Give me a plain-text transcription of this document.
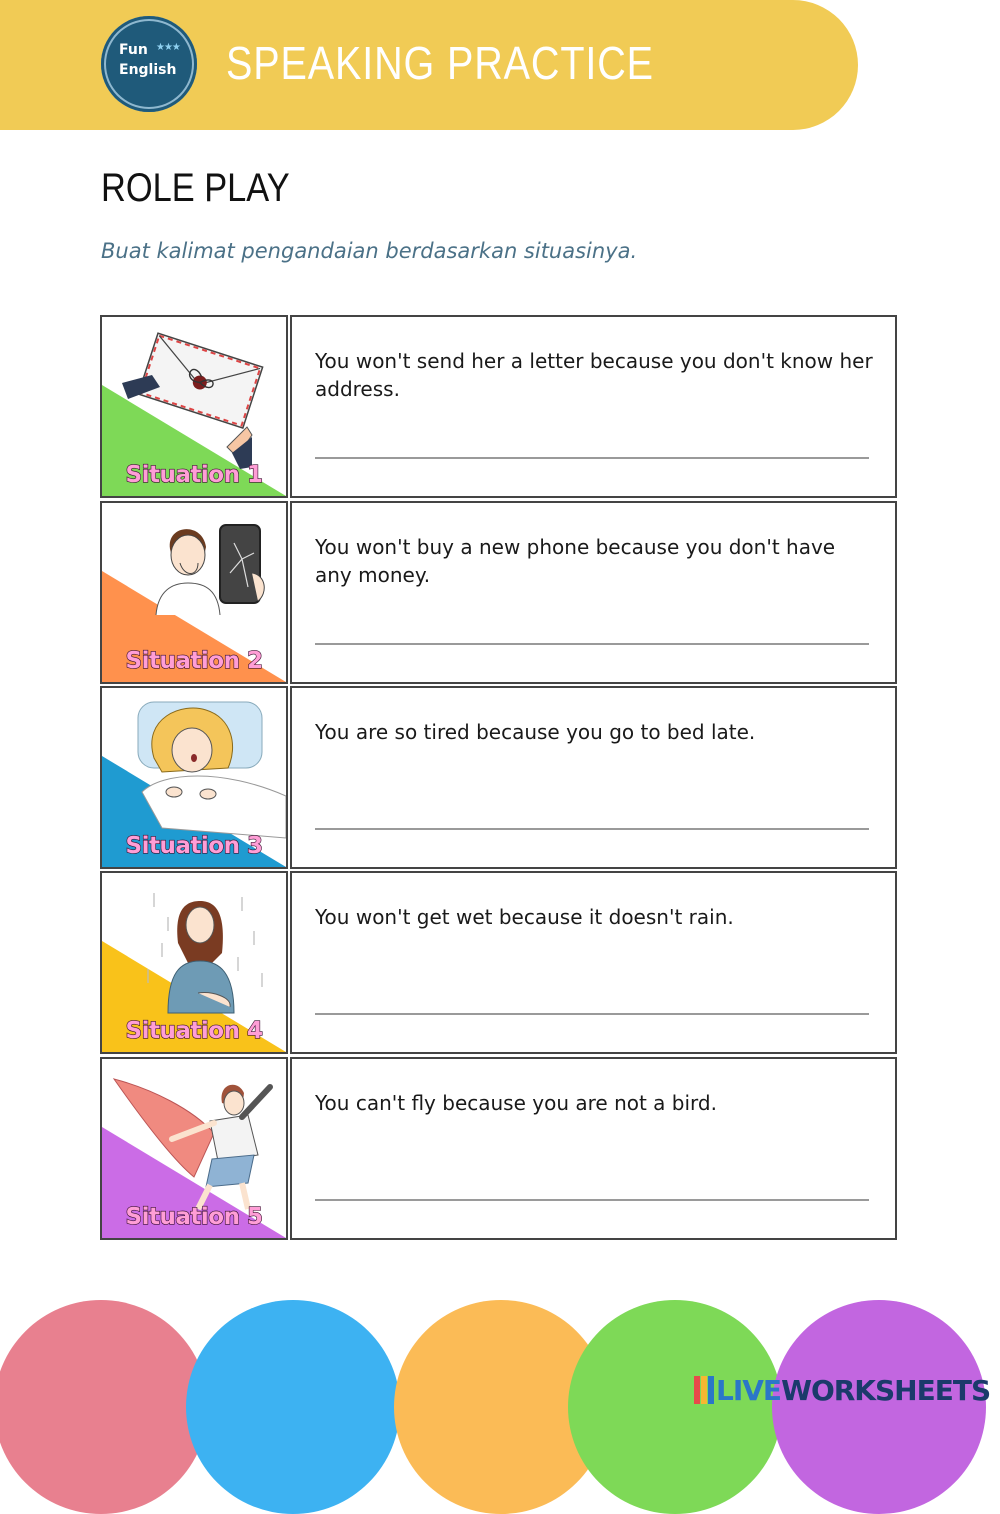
Fun ★★★
English SPEAKING PRACTICE
ROLE PLAY
Buat kalimat pengandaian berdasarkan situasinya.
Situation 1
You won't send her a letter because you don't know her address.
Situation 2
You won't buy a new phone because you don't have any money.
Situation 3
You are so tired because you go to bed late.
Situation 4
You won't get wet because it doesn't rain.
Situation 5
You can't fly because you are not a bird.
LIVE WORKSHEETS
